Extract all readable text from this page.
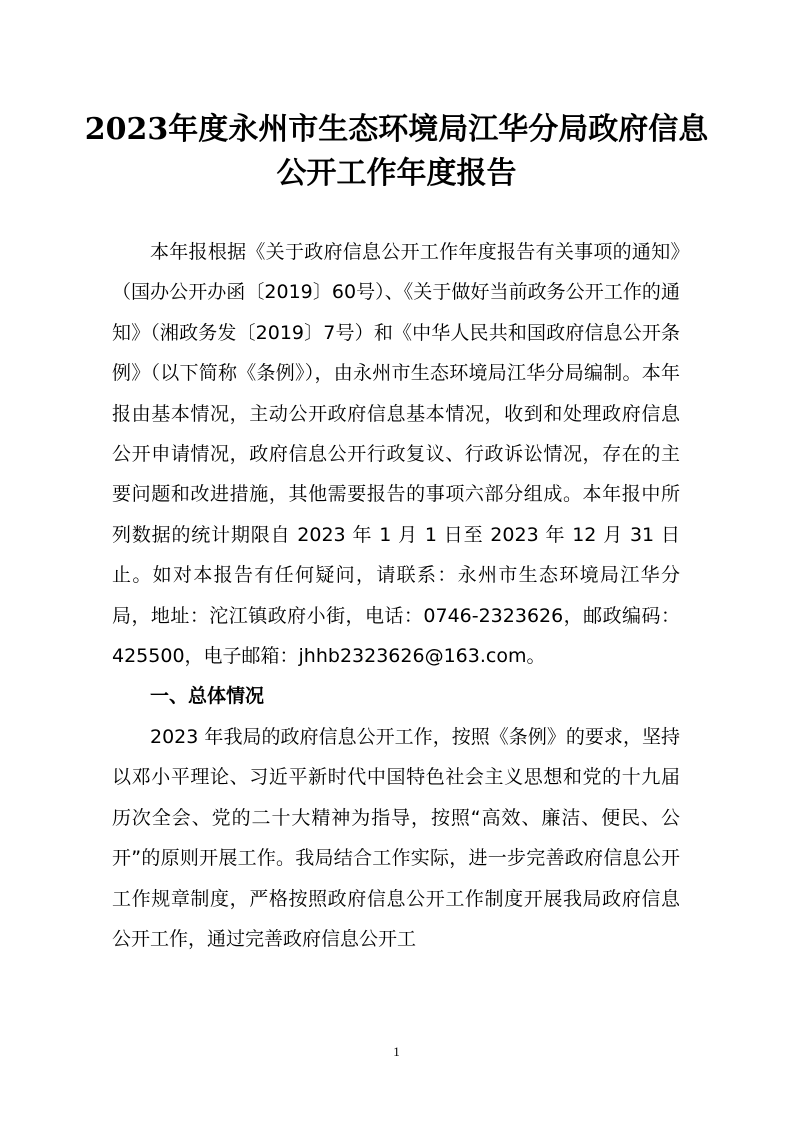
2023年度永州市生态环境局江华分局政府信息
公开工作年度报告

本年报根据《关于政府信息公开工作年度报告有关事项的通知》（国办公开办函〔2019〕60号）、《关于做好当前政务公开工作的通知》（湘政务发〔2019〕7号）和《中华人民共和国政府信息公开条例》（以下简称《条例》），由永州市生态环境局江华分局编制。本年报由基本情况，主动公开政府信息基本情况，收到和处理政府信息公开申请情况，政府信息公开行政复议、行政诉讼情况，存在的主要问题和改进措施，其他需要报告的事项六部分组成。本年报中所列数据的统计期限自 2023 年 1 月 1 日至 2023 年 12 月 31 日止。如对本报告有任何疑问，请联系：永州市生态环境局江华分局，地址：沱江镇政府小街，电话：0746-2323626，邮政编码：425500，电子邮箱：jhhb2323626@163.com。

一、总体情况

2023 年我局的政府信息公开工作，按照《条例》的要求，坚持以邓小平理论、习近平新时代中国特色社会主义思想和党的十九届历次全会、党的二十大精神为指导，按照“高效、廉洁、便民、公开”的原则开展工作。我局结合工作实际，进一步完善政府信息公开工作规章制度，严格按照政府信息公开工作制度开展我局政府信息公开工作，通过完善政府信息公开工

1
